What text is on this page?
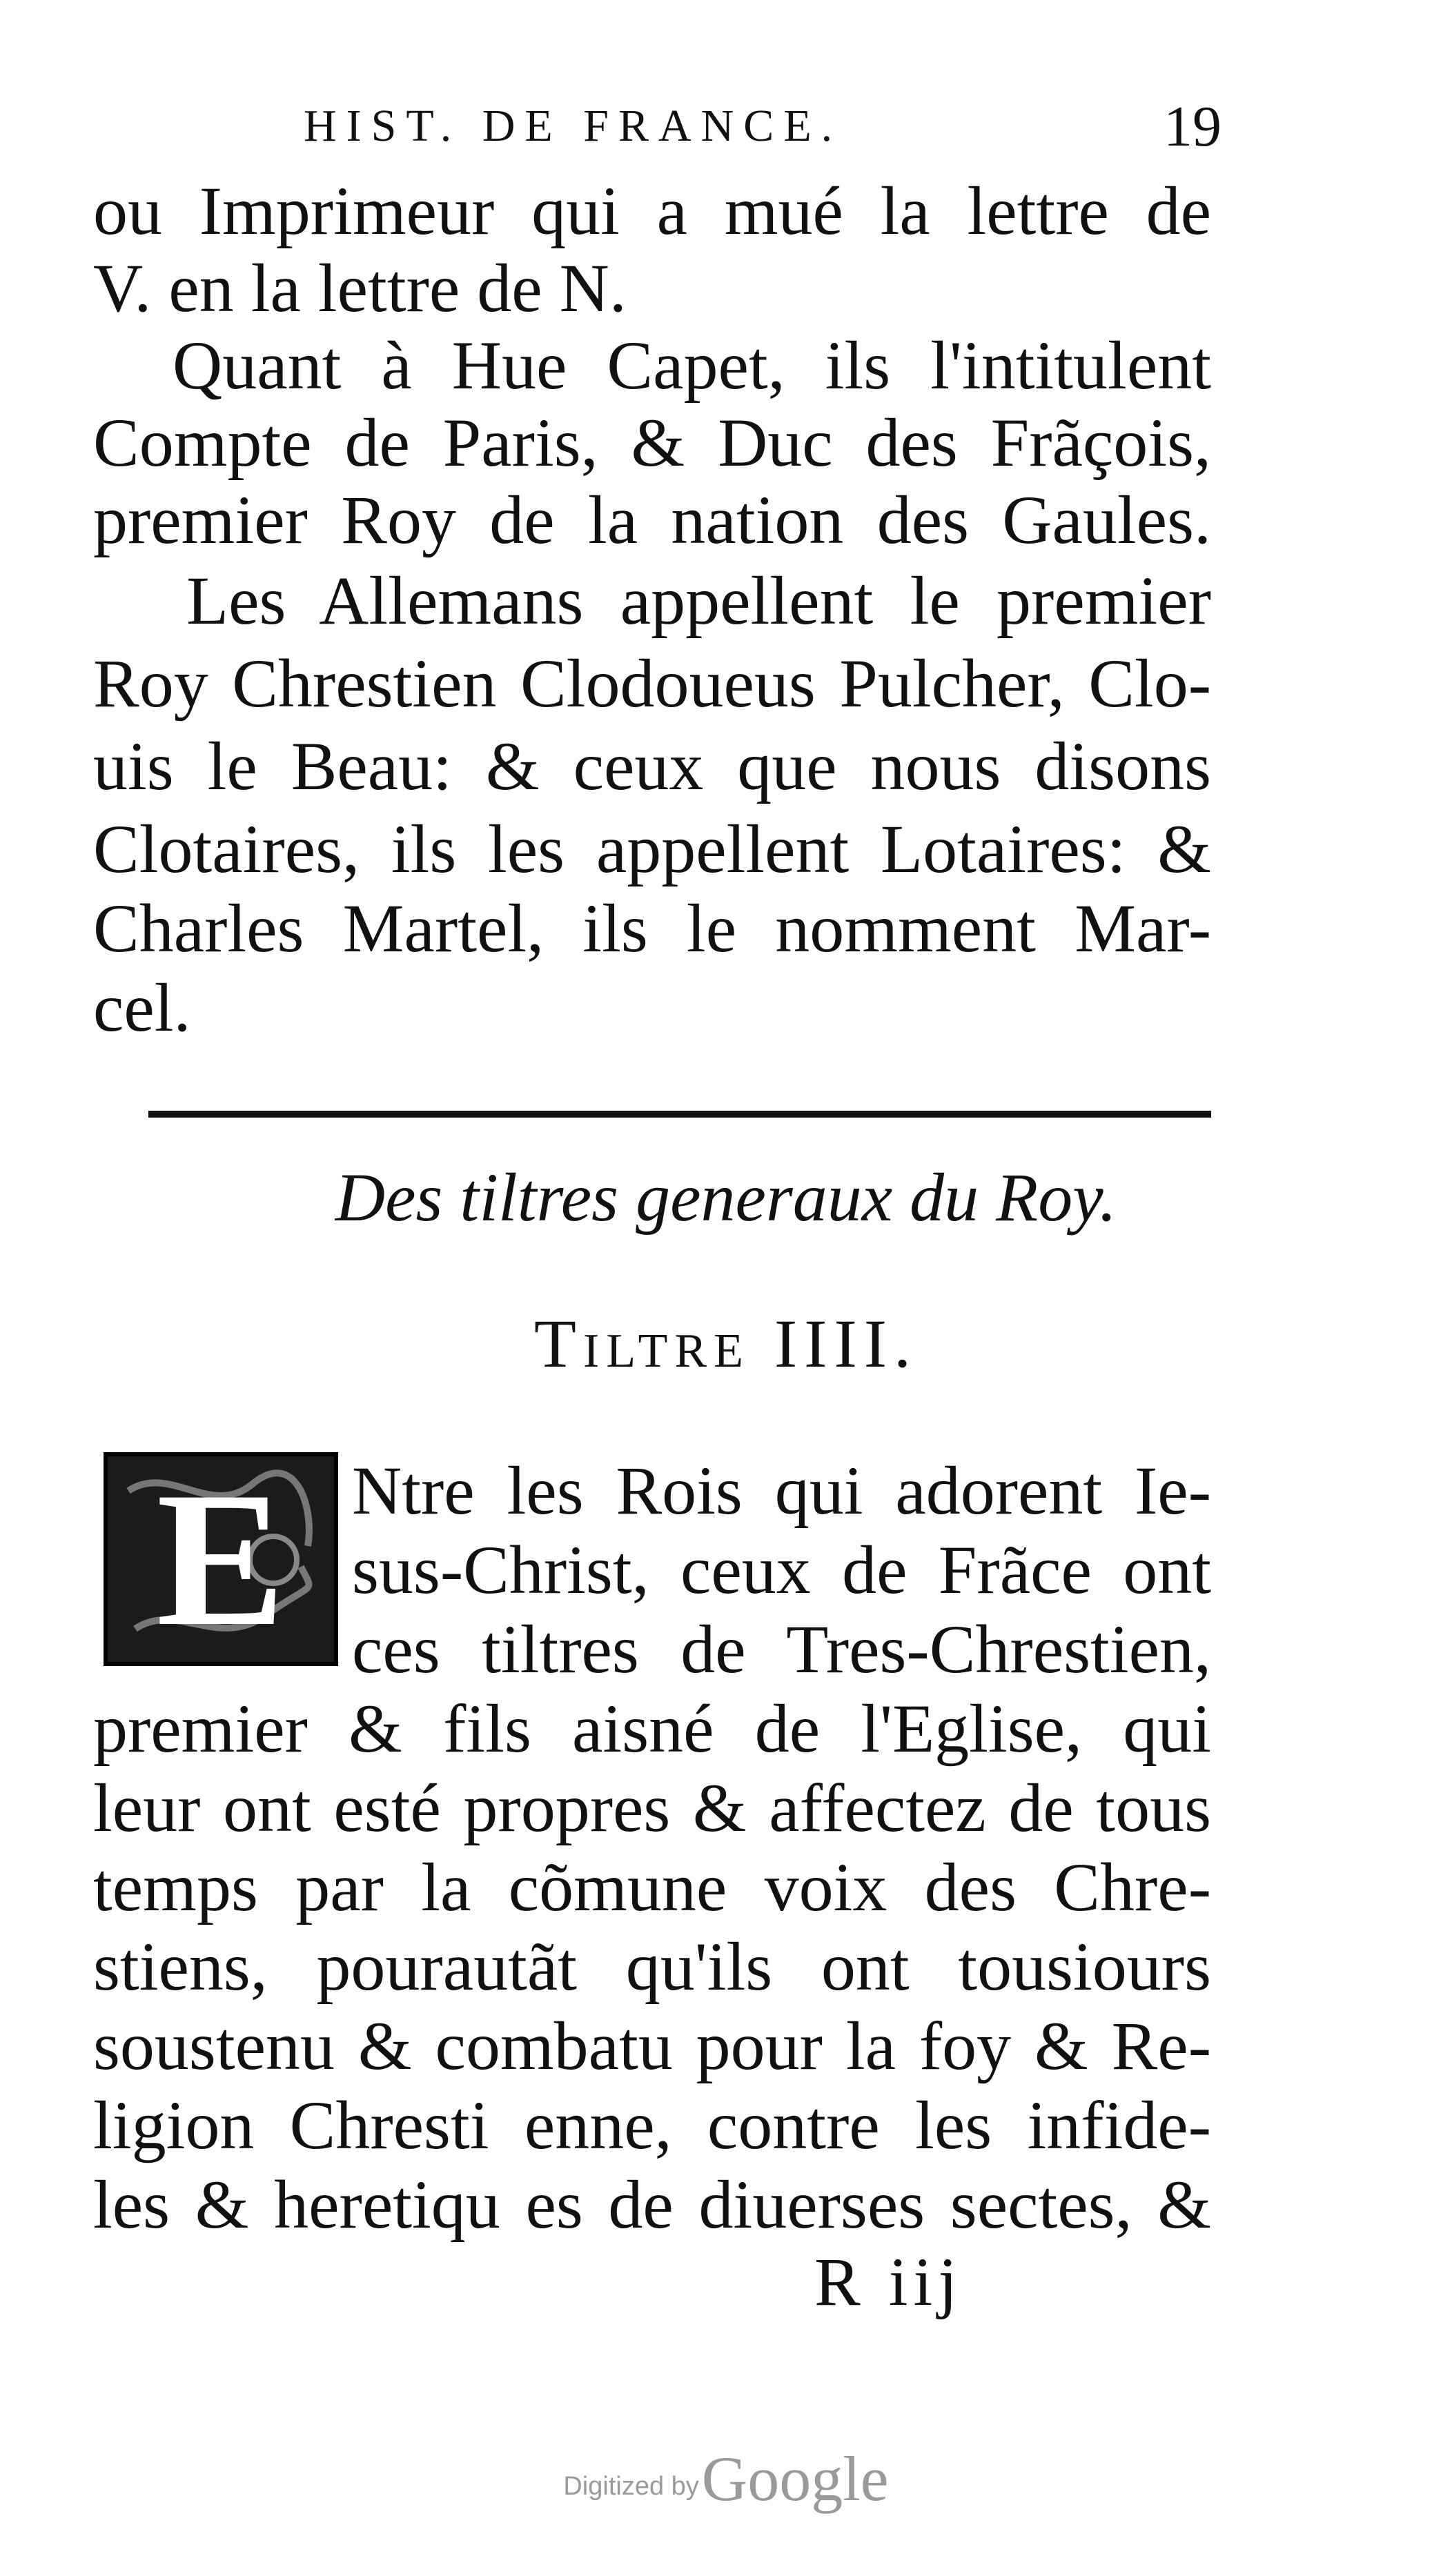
HIST. DE FRANCE.	19
ou Imprimeur qui a mué la lettre de
V. en la lettre de N.
Quant à Hue Capet, ils l'intitulent
Compte de Paris, & Duc des Frãçois,
premier Roy de la nation des Gaules.
Les Allemans appellent le premier
Roy Chrestien Clodoueus Pulcher, Clo-
uis le Beau: & ceux que nous disons
Clotaires, ils les appellent Lotaires: &
Charles Martel, ils le nomment Mar-
cel.
Des tiltres generaux du Roy.
Tiltre IIII.
E Ntre les Rois qui adorent Ie-
sus-Christ, ceux de Frãce ont
ces tiltres de Tres-Chrestien,
premier & fils aisné de l'Eglise, qui
leur ont esté propres & affectez de tous
temps par la cõmune voix des Chre-
stiens, pourautãt qu'ils ont tousiours
soustenu & combatu pour la foy & Re-
ligion Chresti enne, contre les infide-
les & heretiqu es de diuerses sectes, &
R iij
Digitized by Google
